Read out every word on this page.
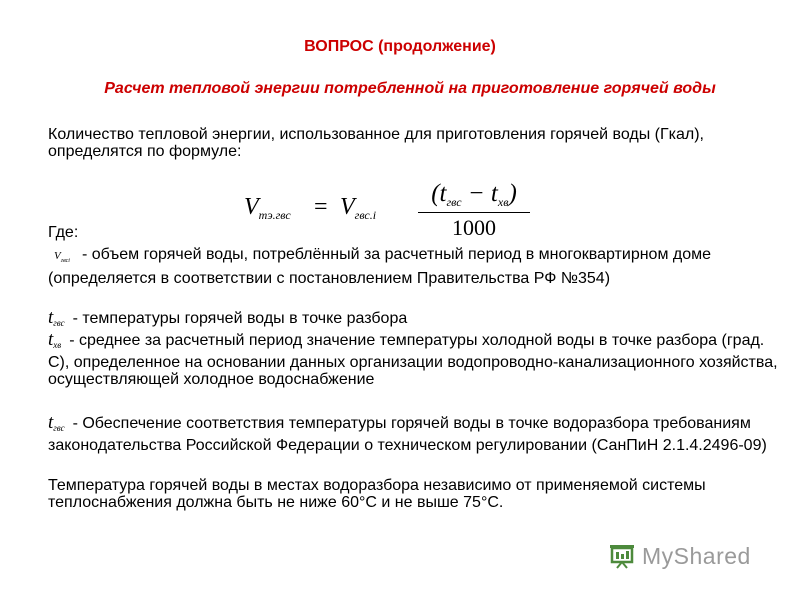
ВОПРОС (продолжение)
Расчет тепловой энергии потребленной на приготовление горячей воды
Количество тепловой энергии, использованное для приготовления горячей воды (Гкал), определятся по формуле:
$V_{тэ.гвс} = V_{гвс.i}$
$(t_{гвс} - t_{хв})$
1000
Где:
$V_{гвсi}$ - объем горячей воды, потреблённый за расчетный период в многоквартирном доме (определяется в соответствии с постановлением Правительства РФ №354)
$t_{гвс}$ - температуры горячей воды в точке разбора
$t_{хв}$ - среднее за расчетный период значение температуры холодной воды в точке разбора (град. С), определенное на основании данных организации водопроводно-канализационного хозяйства, осуществляющей холодное водоснабжение
$t_{гвс}$ - Обеспечение соответствия температуры горячей воды в точке водоразбора требованиям законодательства Российской Федерации о техническом регулировании (СанПиН 2.1.4.2496-09)
Температура горячей воды в местах водоразбора независимо от применяемой системы теплоснабжения должна быть не ниже 60°С и не выше 75°С.
MyShared
